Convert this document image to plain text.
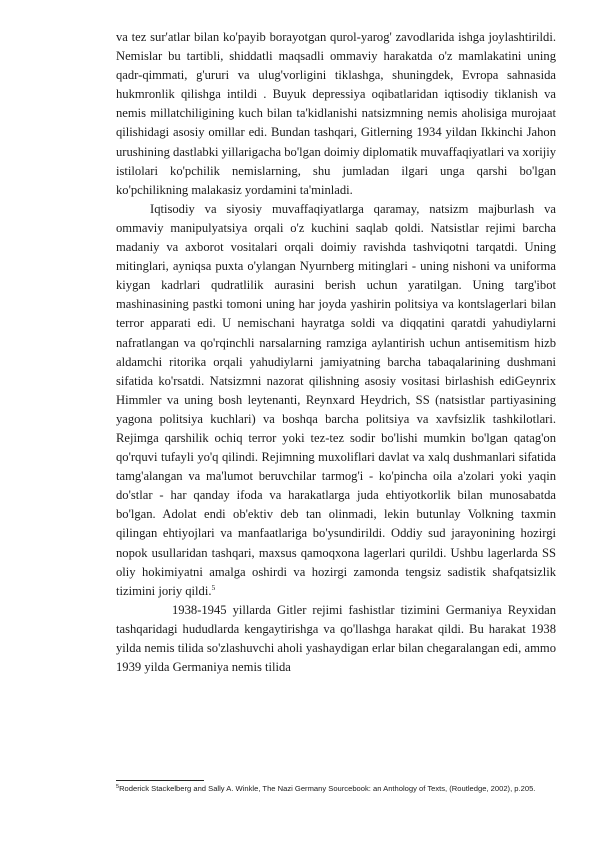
va tez sur'atlar bilan ko'payib borayotgan qurol-yarog' zavodlarida ishga joylashtirildi. Nemislar bu tartibli, shiddatli maqsadli ommaviy harakatda o'z mamlakatini uning qadr-qimmati, g'ururi va ulug'vorligini tiklashga, shuningdek, Evropa sahnasida hukmronlik qilishga intildi . Buyuk depressiya oqibatlaridan iqtisodiy tiklanish va nemis millatchiligining kuch bilan ta'kidlanishi natsizmning nemis aholisiga murojaat qilishidagi asosiy omillar edi. Bundan tashqari, Gitlerning 1934 yildan Ikkinchi Jahon urushining dastlabki yillarigacha bo'lgan doimiy diplomatik muvaffaqiyatlari va xorijiy istilolari ko'pchilik nemislarning, shu jumladan ilgari unga qarshi bo'lgan ko'pchilikning malakasiz yordamini ta'minladi.

Iqtisodiy va siyosiy muvaffaqiyatlarga qaramay, natsizm majburlash va ommaviy manipulyatsiya orqali o'z kuchini saqlab qoldi. Natsistlar rejimi barcha madaniy va axborot vositalari orqali doimiy ravishda tashviqotni tarqatdi. Uning mitinglari, ayniqsa puxta o'ylangan Nyurnberg mitinglari - uning nishoni va uniforma kiygan kadrlari qudratlilik aurasini berish uchun yaratilgan. Uning targ'ibot mashinasining pastki tomoni uning har joyda yashirin politsiya va kontslagerlari bilan terror apparati edi. U nemischani hayratga soldi va diqqatini qaratdi yahudiylarni nafratlangan va qo'rqinchli narsalarning ramziga aylantirish uchun antisemitism hizb aldamchi ritorika orqali yahudiylarni jamiyatning barcha tabaqalarining dushmani sifatida ko'rsatdi. Natsizmni nazorat qilishning asosiy vositasi birlashish ediGeynrix Himmler va uning bosh leytenanti, Reynxard Heydrich, SS (natsistlar partiyasining yagona politsiya kuchlari) va boshqa barcha politsiya va xavfsizlik tashkilotlari. Rejimga qarshilik ochiq terror yoki tez-tez sodir bo'lishi mumkin bo'lgan qatag'on qo'rquvi tufayli yo'q qilindi. Rejimning muxoliflari davlat va xalq dushmanlari sifatida tamg'alangan va ma'lumot beruvchilar tarmog'i - ko'pincha oila a'zolari yoki yaqin do'stlar - har qanday ifoda va harakatlarga juda ehtiyotkorlik bilan munosabatda bo'lgan. Adolat endi ob'ektiv deb tan olinmadi, lekin butunlay Volkning taxmin qilingan ehtiyojlari va manfaatlariga bo'ysundirildi. Oddiy sud jarayonining hozirgi nopok usullaridan tashqari, maxsus qamoqxona lagerlari qurildi. Ushbu lagerlarda SS oliy hokimiyatni amalga oshirdi va hozirgi zamonda tengsiz sadistik shafqatsizlik tizimini joriy qildi.$^5$

1938-1945 yillarda Gitler rejimi fashistlar tizimini Germaniya Reyxidan tashqaridagi hududlarda kengaytirishga va qo'llashga harakat qildi. Bu harakat 1938 yilda nemis tilida so'zlashuvchi aholi yashaydigan erlar bilan chegaralangan edi, ammo 1939 yilda Germaniya nemis tilida

$^5$Roderick Stackelberg and Sally A. Winkle, The Nazi Germany Sourcebook: an Anthology of Texts, (Routledge, 2002), p.205.
